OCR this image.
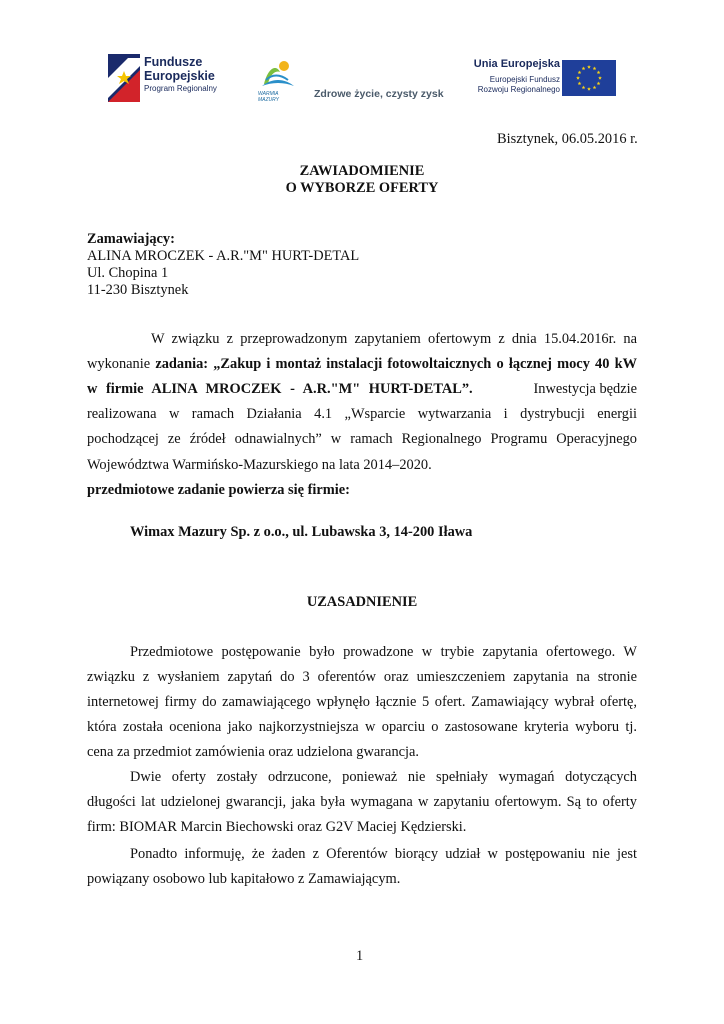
Fundusze
Europejskie
Program Regionalny
WARMIA
MAZURY	Zdrowe życie, czysty zysk
Unia Europejska
Europejski Fundusz
Rozwoju Regionalnego
Bisztynek, 06.05.2016 r.
ZAWIADOMIENIE
O WYBORZE OFERTY
Zamawiający:
ALINA MROCZEK - A.R."M" HURT-DETAL
Ul. Chopina 1
11-230 Bisztynek
W związku z przeprowadzonym zapytaniem ofertowym z dnia 15.04.2016r. na
wykonanie zadania: „Zakup i montaż instalacji fotowoltaicznych o łącznej mocy 40 kW
w firmie ALINA MROCZEK - A.R."M" HURT-DETAL”.	Inwestycja będzie
realizowana w ramach Działania 4.1 „Wsparcie wytwarzania i dystrybucji energii
pochodzącej ze źródeł odnawialnych” w ramach Regionalnego Programu Operacyjnego
Województwa Warmińsko-Mazurskiego na lata 2014–2020.
przedmiotowe zadanie powierza się firmie:
Wimax Mazury Sp. z o.o., ul. Lubawska 3, 14-200 Iława
UZASADNIENIE
Przedmiotowe postępowanie było prowadzone w trybie zapytania ofertowego. W
związku z wysłaniem zapytań do 3 oferentów oraz umieszczeniem zapytania na stronie
internetowej firmy do zamawiającego wpłynęło łącznie 5 ofert. Zamawiający wybrał ofertę,
która została oceniona jako najkorzystniejsza w oparciu o zastosowane kryteria wyboru tj.
cena za przedmiot zamówienia oraz udzielona gwarancja.
Dwie oferty zostały odrzucone, ponieważ nie spełniały wymagań dotyczących
długości lat udzielonej gwarancji, jaka była wymagana w zapytaniu ofertowym. Są to oferty
firm: BIOMAR Marcin Biechowski oraz G2V Maciej Kędzierski.
Ponadto informuję, że żaden z Oferentów biorący udział w postępowaniu nie jest
powiązany osobowo lub kapitałowo z Zamawiającym.
1
